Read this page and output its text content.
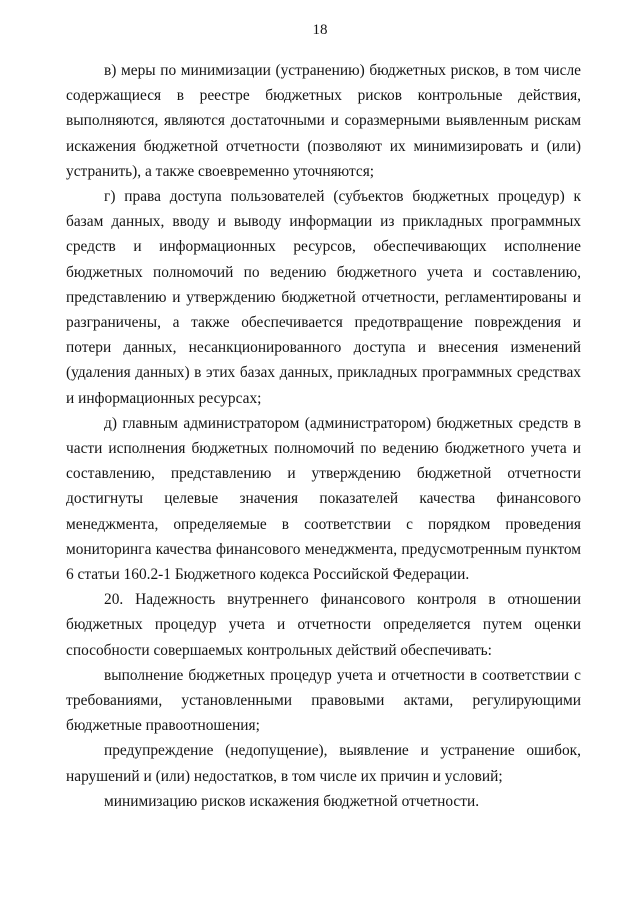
18

в) меры по минимизации (устранению) бюджетных рисков, в том числе содержащиеся в реестре бюджетных рисков контрольные действия, выполняются, являются достаточными и соразмерными выявленным рискам искажения бюджетной отчетности (позволяют их минимизировать и (или) устранить), а также своевременно уточняются;

г) права доступа пользователей (субъектов бюджетных процедур) к базам данных, вводу и выводу информации из прикладных программных средств и информационных ресурсов, обеспечивающих исполнение бюджетных полномочий по ведению бюджетного учета и составлению, представлению и утверждению бюджетной отчетности, регламентированы и разграничены, а также обеспечивается предотвращение повреждения и потери данных, несанкционированного доступа и внесения изменений (удаления данных) в этих базах данных, прикладных программных средствах и информационных ресурсах;

д) главным администратором (администратором) бюджетных средств в части исполнения бюджетных полномочий по ведению бюджетного учета и составлению, представлению и утверждению бюджетной отчетности достигнуты целевые значения показателей качества финансового менеджмента, определяемые в соответствии с порядком проведения мониторинга качества финансового менеджмента, предусмотренным пунктом 6 статьи 160.2-1 Бюджетного кодекса Российской Федерации.

20. Надежность внутреннего финансового контроля в отношении бюджетных процедур учета и отчетности определяется путем оценки способности совершаемых контрольных действий обеспечивать:

выполнение бюджетных процедур учета и отчетности в соответствии с требованиями, установленными правовыми актами, регулирующими бюджетные правоотношения;

предупреждение (недопущение), выявление и устранение ошибок, нарушений и (или) недостатков, в том числе их причин и условий;

минимизацию рисков искажения бюджетной отчетности.
